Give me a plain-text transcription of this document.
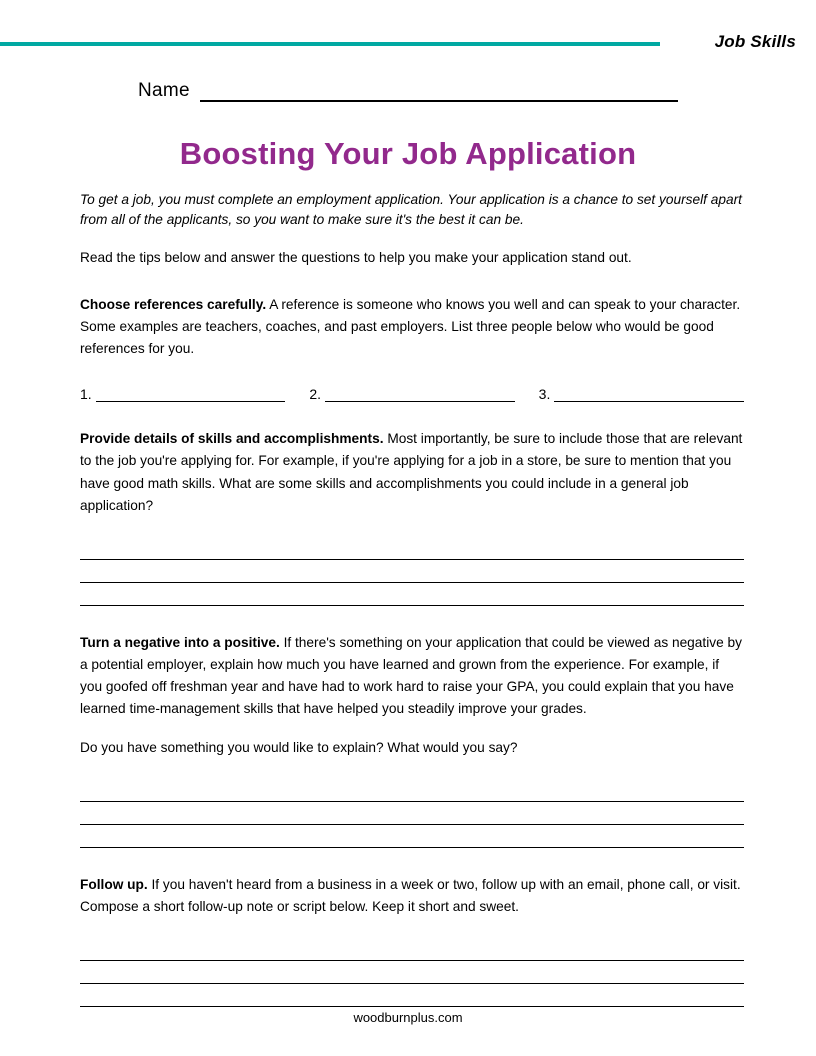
Job Skills
Name
Boosting Your Job Application

To get a job, you must complete an employment application. Your application is a chance to set yourself apart from all of the applicants, so you want to make sure it's the best it can be.

Read the tips below and answer the questions to help you make your application stand out.

Choose references carefully. A reference is someone who knows you well and can speak to your character. Some examples are teachers, coaches, and past employers. List three people below who would be good references for you.

1.	2.	3.

Provide details of skills and accomplishments. Most importantly, be sure to include those that are relevant to the job you're applying for. For example, if you're applying for a job in a store, be sure to mention that you have good math skills. What are some skills and accomplishments you could include in a general job application?

Turn a negative into a positive. If there's something on your application that could be viewed as negative by a potential employer, explain how much you have learned and grown from the experience. For example, if you goofed off freshman year and have had to work hard to raise your GPA, you could explain that you have learned time-management skills that have helped you steadily improve your grades.

Do you have something you would like to explain? What would you say?

Follow up. If you haven't heard from a business in a week or two, follow up with an email, phone call, or visit. Compose a short follow-up note or script below. Keep it short and sweet.

woodburnplus.com
